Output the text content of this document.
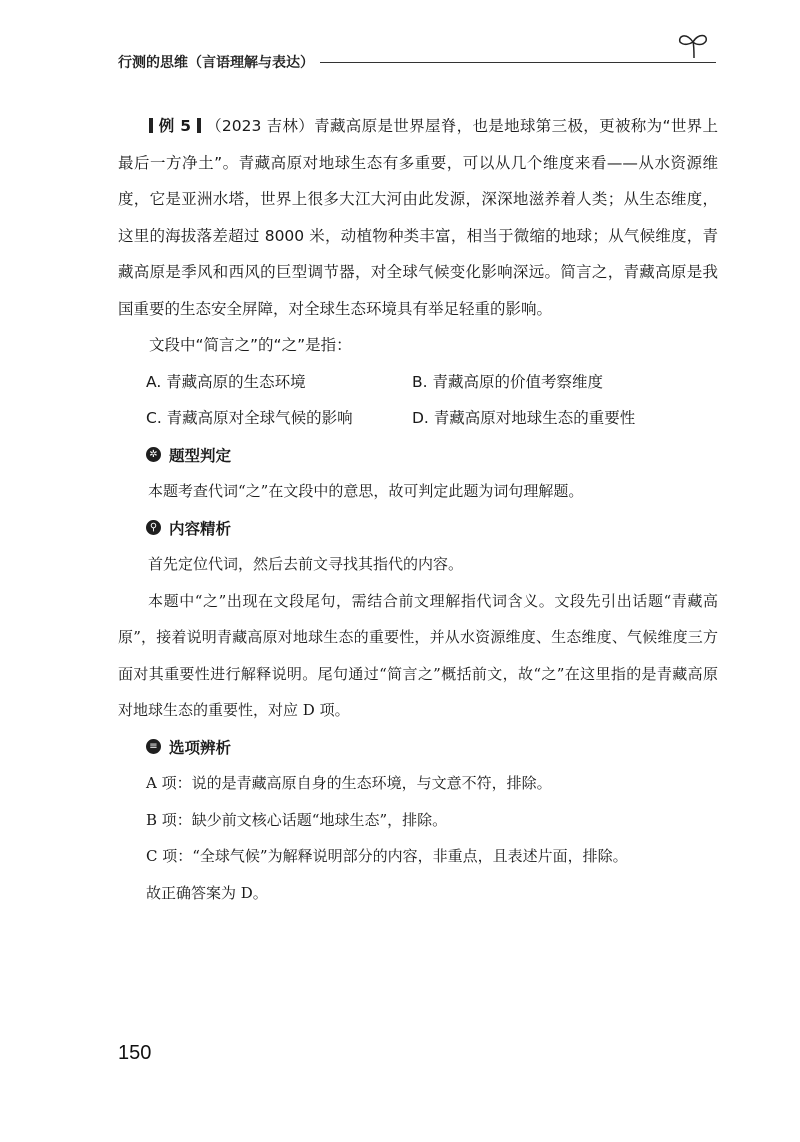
行测的思维（言语理解与表达）

例 5 （2023 吉林）青藏高原是世界屋脊，也是地球第三极，更被称为“世界上最后一方净土”。青藏高原对地球生态有多重要，可以从几个维度来看——从水资源维度，它是亚洲水塔，世界上很多大江大河由此发源，深深地滋养着人类；从生态维度，这里的海拔落差超过 8000 米，动植物种类丰富，相当于微缩的地球；从气候维度，青藏高原是季风和西风的巨型调节器，对全球气候变化影响深远。简言之，青藏高原是我国重要的生态安全屏障，对全球生态环境具有举足轻重的影响。

文段中“简言之”的“之”是指：

A. 青藏高原的生态环境	B. 青藏高原的价值考察维度
C. 青藏高原对全球气候的影响	D. 青藏高原对地球生态的重要性
✲ 题型判定

本题考查代词“之”在文段中的意思，故可判定此题为词句理解题。

⚲ 内容精析

首先定位代词，然后去前文寻找其指代的内容。

本题中“之”出现在文段尾句，需结合前文理解指代词含义。文段先引出话题“青藏高原”，接着说明青藏高原对地球生态的重要性，并从水资源维度、生态维度、气候维度三方面对其重要性进行解释说明。尾句通过“简言之”概括前文，故“之”在这里指的是青藏高原对地球生态的重要性，对应 D 项。

≡ 选项辨析
A 项：说的是青藏高原自身的生态环境，与文意不符，排除。
B 项：缺少前文核心话题“地球生态”，排除。
C 项：“全球气候”为解释说明部分的内容，非重点，且表述片面，排除。
故正确答案为 D。
150
